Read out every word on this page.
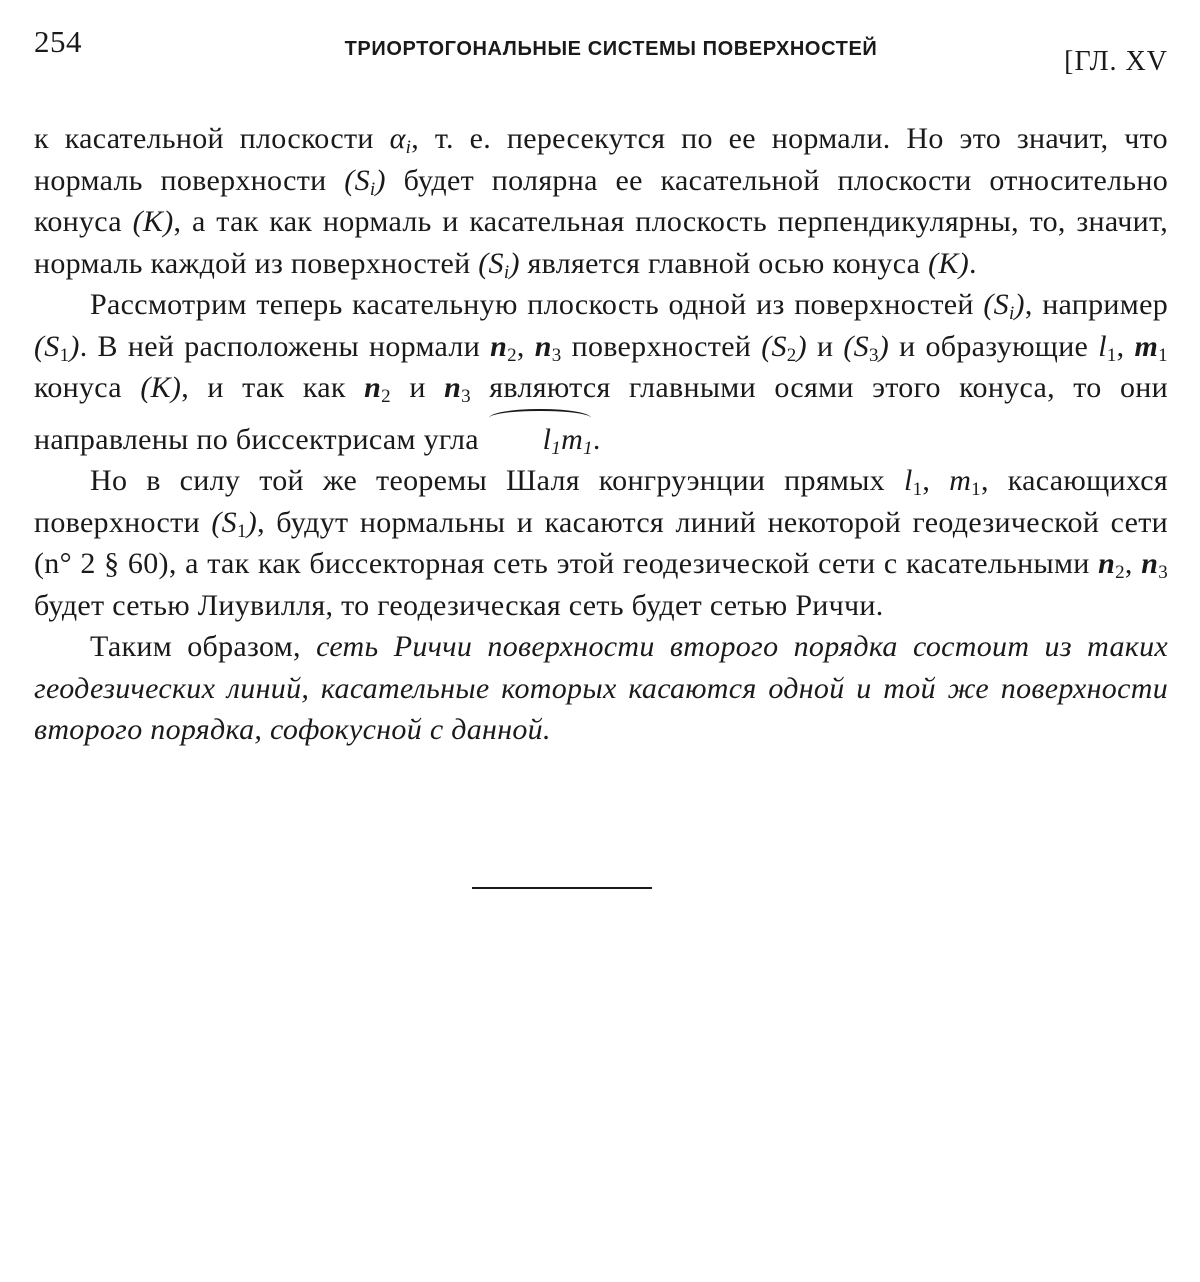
254	ТРИОРТОГОНАЛЬНЫЕ СИСТЕМЫ ПОВЕРХНОСТЕЙ	[ГЛ. XV

к касательной плоскости $\alpha_i$, т. е. пересекутся по ее нормали. Но это значит, что нормаль поверхности $(S_i)$ будет полярна ее касательной плоскости относительно конуса (K), а так как нормаль и касательная плоскость перпендикулярны, то, значит, нормаль каждой из поверхностей $(S_i)$ является главной осью конуса (K).

Рассмотрим теперь касательную плоскость одной из поверхностей $(S_i)$, например $(S_1)$. В ней расположены нормали $n_2$, $n_3$ поверхностей $(S_2)$ и $(S_3)$ и образующие $l_1$, $m_1$ конуса (K), и так как $n_2$ и $n_3$ являются главными осями этого конуса, то они направлены по биссектрисам угла $l_1m_1$.

Но в силу той же теоремы Шаля конгруэнции прямых $l_1$, $m_1$, касающихся поверхности $(S_1)$, будут нормальны и касаются линий некоторой геодезической сети (n° 2 § 60), а так как биссекторная сеть этой геодезической сети с касательными $n_2$, $n_3$ будет сетью Лиувилля, то геодезическая сеть будет сетью Риччи.

Таким образом, сеть Риччи поверхности второго порядка состоит из таких геодезических линий, касательные которых касаются одной и той же поверхности второго порядка, софокусной с данной.
